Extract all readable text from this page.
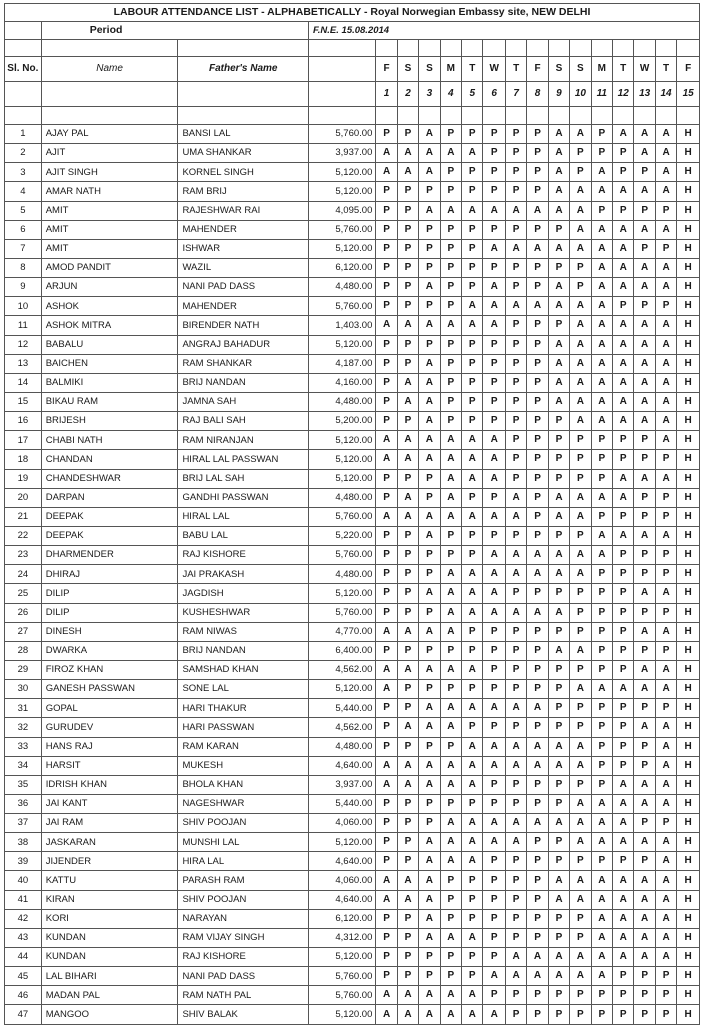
LABOUR ATTENDANCE LIST - ALPHABETICALLY - Royal Norwegian Embassy site, NEW DELHI																		
	Period		F.N.E. 15.08.2014															

Sl. No.	Name	Father's Name		F	S	S	M	T	W	T	F	S	S	M	T	W	T	F
				1	2	3	4	5	6	7	8	9	10	11	12	13	14	15

1	AJAY PAL	BANSI LAL	5,760.00	P	P	A	P	P	P	P	P	A	A	P	A	A	A	H
2	AJIT	UMA SHANKAR	3,937.00	A	A	A	A	A	P	P	P	A	P	P	P	A	A	H
3	AJIT SINGH	KORNEL SINGH	5,120.00	A	A	A	P	P	P	P	P	A	P	A	P	P	A	H
4	AMAR NATH	RAM BRIJ	5,120.00	P	P	P	P	P	P	P	P	A	A	A	A	A	A	H
5	AMIT	RAJESHWAR RAI	4,095.00	P	P	A	A	A	A	A	A	A	A	P	P	P	P	H
6	AMIT	MAHENDER	5,760.00	P	P	P	P	P	P	P	P	P	A	A	A	A	A	H
7	AMIT	ISHWAR	5,120.00	P	P	P	P	P	A	A	A	A	A	A	A	P	P	H
8	AMOD PANDIT	WAZIL	6,120.00	P	P	P	P	P	P	P	P	P	P	A	A	A	A	H
9	ARJUN	NANI PAD DASS	4,480.00	P	P	A	P	P	A	P	P	A	P	A	A	A	A	H
10	ASHOK	MAHENDER	5,760.00	P	P	P	P	A	A	A	A	A	A	A	P	P	P	H
11	ASHOK MITRA	BIRENDER NATH	1,403.00	A	A	A	A	A	A	P	P	P	A	A	A	A	A	H
12	BABALU	ANGRAJ BAHADUR	5,120.00	P	P	P	P	P	P	P	P	A	A	A	A	A	A	H
13	BAICHEN	RAM SHANKAR	4,187.00	P	P	A	P	P	P	P	P	A	A	A	A	A	A	H
14	BALMIKI	BRIJ NANDAN	4,160.00	P	A	A	P	P	P	P	P	A	A	A	A	A	A	H
15	BIKAU RAM	JAMNA SAH	4,480.00	P	A	A	P	P	P	P	P	A	A	A	A	A	A	H
16	BRIJESH	RAJ BALI SAH	5,200.00	P	P	A	P	P	P	P	P	P	A	A	A	A	A	H
17	CHABI NATH	RAM NIRANJAN	5,120.00	A	A	A	A	A	A	P	P	P	P	P	P	P	A	H
18	CHANDAN	HIRAL LAL PASSWAN	5,120.00	A	A	A	A	A	A	P	P	P	P	P	P	P	P	H
19	CHANDESHWAR	BRIJ LAL SAH	5,120.00	P	P	P	A	A	A	P	P	P	P	P	A	A	A	H
20	DARPAN	GANDHI PASSWAN	4,480.00	P	A	P	A	P	P	A	P	A	A	A	A	P	P	H
21	DEEPAK	HIRAL LAL	5,760.00	A	A	A	A	A	A	A	P	A	A	P	P	P	P	H
22	DEEPAK	BABU LAL	5,220.00	P	P	A	P	P	P	P	P	P	P	A	A	A	A	H
23	DHARMENDER	RAJ KISHORE	5,760.00	P	P	P	P	P	A	A	A	A	A	A	P	P	P	H
24	DHIRAJ	JAI PRAKASH	4,480.00	P	P	P	A	A	A	A	A	A	A	P	P	P	P	H
25	DILIP	JAGDISH	5,120.00	P	P	A	A	A	A	P	P	P	P	P	P	A	A	H
26	DILIP	KUSHESHWAR	5,760.00	P	P	P	A	A	A	A	A	A	P	P	P	P	P	H
27	DINESH	RAM NIWAS	4,770.00	A	A	A	A	P	P	P	P	P	P	P	P	A	A	H
28	DWARKA	BRIJ NANDAN	6,400.00	P	P	P	P	P	P	P	P	A	A	P	P	P	P	H
29	FIROZ KHAN	SAMSHAD KHAN	4,562.00	A	A	A	A	A	P	P	P	P	P	P	P	A	A	H
30	GANESH PASSWAN	SONE LAL	5,120.00	A	P	P	P	P	P	P	P	P	A	A	A	A	A	H
31	GOPAL	HARI THAKUR	5,440.00	P	P	A	A	A	A	A	A	P	P	P	P	P	P	H
32	GURUDEV	HARI PASSWAN	4,562.00	P	A	A	A	P	P	P	P	P	P	P	P	A	A	H
33	HANS RAJ	RAM KARAN	4,480.00	P	P	P	P	A	A	A	A	A	A	P	P	P	A	H
34	HARSIT	MUKESH	4,640.00	A	A	A	A	A	A	A	A	A	A	P	P	P	A	H
35	IDRISH KHAN	BHOLA KHAN	3,937.00	A	A	A	A	A	P	P	P	P	P	P	A	A	A	H
36	JAI KANT	NAGESHWAR	5,440.00	P	P	P	P	P	P	P	P	P	A	A	A	A	A	H
37	JAI RAM	SHIV POOJAN	4,060.00	P	P	P	A	A	A	A	A	A	A	A	A	P	P	H
38	JASKARAN	MUNSHI LAL	5,120.00	P	P	A	A	A	A	A	P	P	A	A	A	A	A	H
39	JIJENDER	HIRA LAL	4,640.00	P	P	A	A	A	P	P	P	P	P	P	P	P	A	H
40	KATTU	PARASH RAM	4,060.00	A	A	A	P	P	P	P	P	A	A	A	A	A	A	H
41	KIRAN	SHIV POOJAN	4,640.00	A	A	A	P	P	P	P	P	A	A	A	A	A	A	H
42	KORI	NARAYAN	6,120.00	P	P	A	P	P	P	P	P	P	P	A	A	A	A	H
43	KUNDAN	RAM VIJAY SINGH	4,312.00	P	P	A	A	A	P	P	P	P	P	A	A	A	A	H
44	KUNDAN	RAJ KISHORE	5,120.00	P	P	P	P	P	P	A	A	A	A	A	A	A	A	H
45	LAL BIHARI	NANI PAD DASS	5,760.00	P	P	P	P	P	A	A	A	A	A	A	P	P	P	H
46	MADAN PAL	RAM NATH PAL	5,760.00	A	A	A	A	A	P	P	P	P	P	P	P	P	P	H
47	MANGOO	SHIV BALAK	5,120.00	A	A	A	A	A	A	P	P	P	P	P	P	P	P	H
